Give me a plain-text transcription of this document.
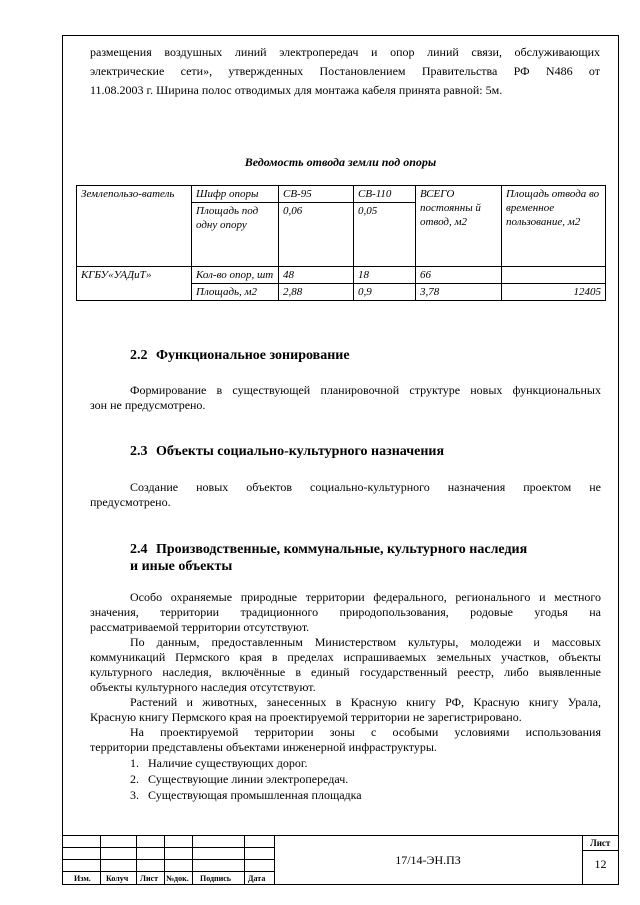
размещения воздушных линий электропередач и опор линий связи, обслуживающих
электрические сети», утвержденных Постановлением Правительства РФ N486 от
11.08.2003 г. Ширина полос отводимых для монтажа кабеля принята равной: 5м.

Ведомость отвода земли под опоры

Землепользо-ватель	Шифр опоры	СВ-95	СВ-110	ВСЕГО постоянны й отвод, м2	Площадь отвода во временное пользование, м2
	Площадь под одну опору	0,06	0,05		
КГБУ«УАДиТ»	Кол-во опор, шт	48	18	66	
	Площадь, м2	2,88	0,9	3,78	12405
2.2 Функциональное зонирование

Формирование в существующей планировочной структуре новых функциональных
зон не предусмотрено.

2.3 Объекты социально-культурного назначения

Создание новых объектов социально-культурного назначения проектом не
предусмотрено.

2.4 Производственные, коммунальные, культурного наследия
и иные объекты

Особо охраняемые природные территории федерального, регионального и местного
значения, территории традиционного природопользования, родовые угодья на
рассматриваемой территории отсутствуют.
По данным, предоставленным Министерством культуры, молодежи и массовых
коммуникаций Пермского края в пределах испрашиваемых земельных участков, объекты
культурного наследия, включённые в единый государственный реестр, либо выявленные
объекты культурного наследия отсутствуют.
Растений и животных, занесенных в Красную книгу РФ, Красную книгу Урала,
Красную книгу Пермского края на проектируемой территории не зарегистрировано.
На проектируемой территории зоны с особыми условиями использования
территории представлены объектами инженерной инфраструктуры.

1. Наличие существующих дорог.
2. Существующие линии электропередач.
3. Существующая промышленная площадка
Изм. Колуч Лист №док. Подпись Дата
17/14-ЭН.ПЗ
Лист
12
